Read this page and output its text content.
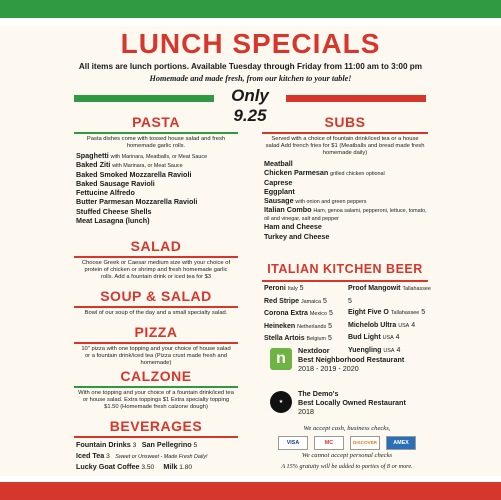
LUNCH SPECIALS
All items are lunch portions. Available Tuesday through Friday from 11:00 am to 3:00 pm
Homemade and made fresh, from our kitchen to your table!
Only 9.25
PASTA
Pasta dishes come with tossed house salad and fresh homemade garlic rolls.
Spaghetti with Marinara, Meatballs, or Meat Sauce
Baked Ziti with Marinara, or Meat Sauce
Baked Smoked Mozzarella Ravioli
Baked Sausage Ravioli
Fettucine Alfredo
Butter Parmesan Mozzarella Ravioli
Stuffed Cheese Shells
Meat Lasagna (lunch)
SALAD
Choose Greek or Caesar medium size with your choice of protein of chicken or shrimp and fresh homemade garlic rolls. Add a fountain drink or iced tea for $3
SOUP & SALAD
Bowl of our soup of the day and a small specialty salad.
PIZZA
10" pizza with one topping and your choice of house salad or a fountain drink/iced tea (Pizza crust made fresh and homemade)
CALZONE
With one topping and your choice of a fountain drink/iced tea or house salad. Extra toppings $1 Extra specialty topping $1.50 (Homemade fresh calzone dough)
BEVERAGES
Fountain Drinks 3 San Pellegrino 5
Iced Tea 3 Sweet or Unsweet - Made Fresh Daily!
Lucky Goat Coffee 3.50 Milk 1.80
SUBS
Served with a choice of fountain drink/iced tea or a house salad Add french fries for $1 (Meatballs and bread made fresh homemade daily)
Meatball
Chicken Parmesan grilled chicken optional
Caprese
Eggplant
Sausage with onion and green peppers
Italian Combo Ham, genoa salami, pepperoni, lettuce, tomato, oil and vinegar, salt and pepper
Ham and Cheese
Turkey and Cheese
ITALIAN KITCHEN BEER
Peroni Italy 5
Red Stripe Jamaica 5
Corona Extra Mexico 5
Heineken Netherlands 5
Stella Artois Belgium 5
Proof Mangowit Tallahassee 5
Eight Five O Tallahassee 5
Michelob Ultra USA 4
Bud Light USA 4
Yuengling USA 4
n	Nextdoor
Best Neighborhood Restaurant
2018 - 2019 - 2020
★
The Demo's
Best Locally Owned Restaurant
2018
We accept cash, business checks,
VISA	MC	DISCOVER	AMEX
We cannot accept personal checks
A 15% gratuity will be added to parties of 8 or more.
